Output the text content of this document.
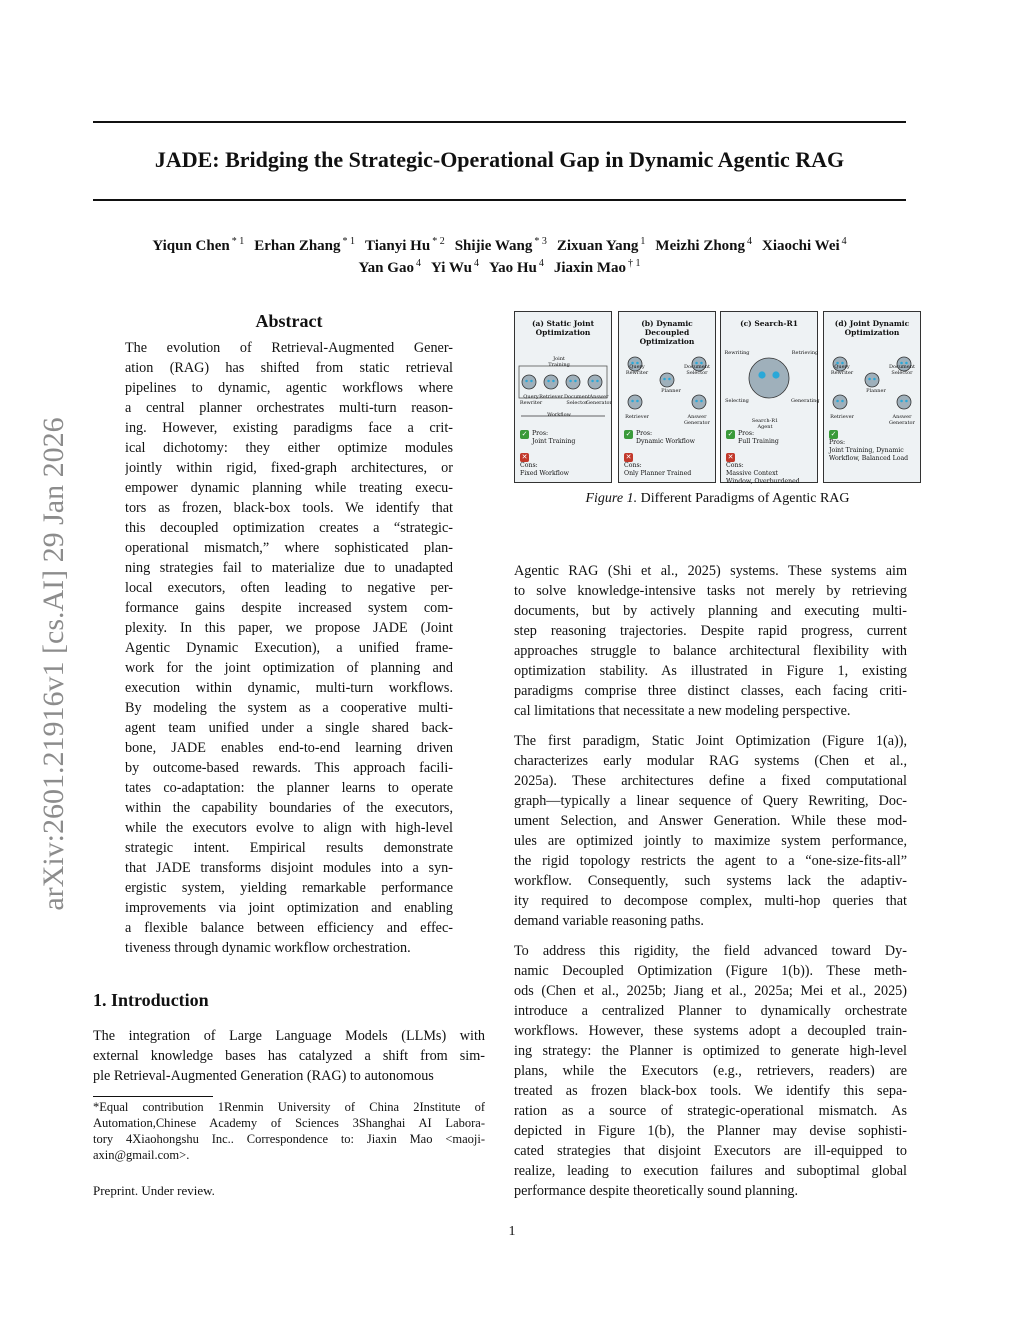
JADE: Bridging the Strategic-Operational Gap in Dynamic Agentic RAG
Yiqun Chen $^{* 1}$ Erhan Zhang $^{* 1}$ Tianyi Hu $^{* 2}$ Shijie Wang $^{* 3}$ Zixuan Yang $^1$ Meizhi Zhong $^4$ Xiaochi Wei $^4$
Yan Gao $^4$ Yi Wu $^4$ Yao Hu $^4$ Jiaxin Mao $^{\dagger 1}$
arXiv:2601.21916v1 [cs.AI] 29 Jan 2026
Abstract
The evolution of Retrieval-Augmented Gener-
ation (RAG) has shifted from static retrieval
pipelines to dynamic, agentic workflows where
a central planner orchestrates multi-turn reason-
ing. However, existing paradigms face a crit-
ical dichotomy: they either optimize modules
jointly within rigid, fixed-graph architectures, or
empower dynamic planning while treating execu-
tors as frozen, black-box tools. We identify that
this decoupled optimization creates a “strategic-
operational mismatch,” where sophisticated plan-
ning strategies fail to materialize due to unadapted
local executors, often leading to negative per-
formance gains despite increased system com-
plexity. In this paper, we propose JADE (Joint
Agentic Dynamic Execution), a unified frame-
work for the joint optimization of planning and
execution within dynamic, multi-turn workflows.
By modeling the system as a cooperative multi-
agent team unified under a single shared back-
bone, JADE enables end-to-end learning driven
by outcome-based rewards. This approach facili-
tates co-adaptation: the planner learns to operate
within the capability boundaries of the executors,
while the executors evolve to align with high-level
strategic intent. Empirical results demonstrate
that JADE transforms disjoint modules into a syn-
ergistic system, yielding remarkable performance
improvements via joint optimization and enabling
a flexible balance between efficiency and effec-
tiveness through dynamic workflow orchestration.
1. Introduction
The integration of Large Language Models (LLMs) with
external knowledge bases has catalyzed a shift from sim-
ple Retrieval-Augmented Generation (RAG) to autonomous
*Equal contribution 1Renmin University of China 2Institute of
Automation,Chinese Academy of Sciences 3Shanghai AI Labora-
tory 4Xiaohongshu Inc.. Correspondence to: Jiaxin Mao <maoji-
axin@gmail.com>.
Preprint. Under review.
1
(a) Static Joint Optimization
Joint Training
Query Rewriter
Retriever Document Selector
Answer Generator
Workflow
✓ Pros:
Joint Training
✕Cons:
Fixed Workflow
(b) Dynamic Decoupled Optimization
Query Rewriter
Document Selector
Planner
Retriever	Answer Generator
✓ Pros:
Dynamic Workflow
✕Cons:
Only Planner Trained
(c) Search-R1
Rewriting	Retrieving
Selecting	Generating
Search-R1 Agent
✓ Pros:
Full Training
✕Cons:
Massive Context Window, Overburdened
(d) Joint Dynamic Optimization
Query Rewriter
Document Selector
Planner
Retriever	Answer Generator
✓Pros:
Joint Training, Dynamic Workflow, Balanced Load
Figure 1. Different Paradigms of Agentic RAG
Agentic RAG (Shi et al., 2025) systems. These systems aim
to solve knowledge-intensive tasks not merely by retrieving
documents, but by actively planning and executing multi-
step reasoning trajectories. Despite rapid progress, current
approaches struggle to balance architectural flexibility with
optimization stability. As illustrated in Figure 1, existing
paradigms comprise three distinct classes, each facing criti-
cal limitations that necessitate a new modeling perspective.
The first paradigm, Static Joint Optimization (Figure 1(a)),
characterizes early modular RAG systems (Chen et al.,
2025a). These architectures define a fixed computational
graph—typically a linear sequence of Query Rewriting, Doc-
ument Selection, and Answer Generation. While these mod-
ules are optimized jointly to maximize system performance,
the rigid topology restricts the agent to a “one-size-fits-all”
workflow. Consequently, such systems lack the adaptiv-
ity required to decompose complex, multi-hop queries that
demand variable reasoning paths.
To address this rigidity, the field advanced toward Dy-
namic Decoupled Optimization (Figure 1(b)). These meth-
ods (Chen et al., 2025b; Jiang et al., 2025a; Mei et al., 2025)
introduce a centralized Planner to dynamically orchestrate
workflows. However, these systems adopt a decoupled train-
ing strategy: the Planner is optimized to generate high-level
plans, while the Executors (e.g., retrievers, readers) are
treated as frozen black-box tools. We identify this sepa-
ration as a source of strategic-operational mismatch. As
depicted in Figure 1(b), the Planner may devise sophisti-
cated strategies that disjoint Executors are ill-equipped to
realize, leading to execution failures and suboptimal global
performance despite theoretically sound planning.
